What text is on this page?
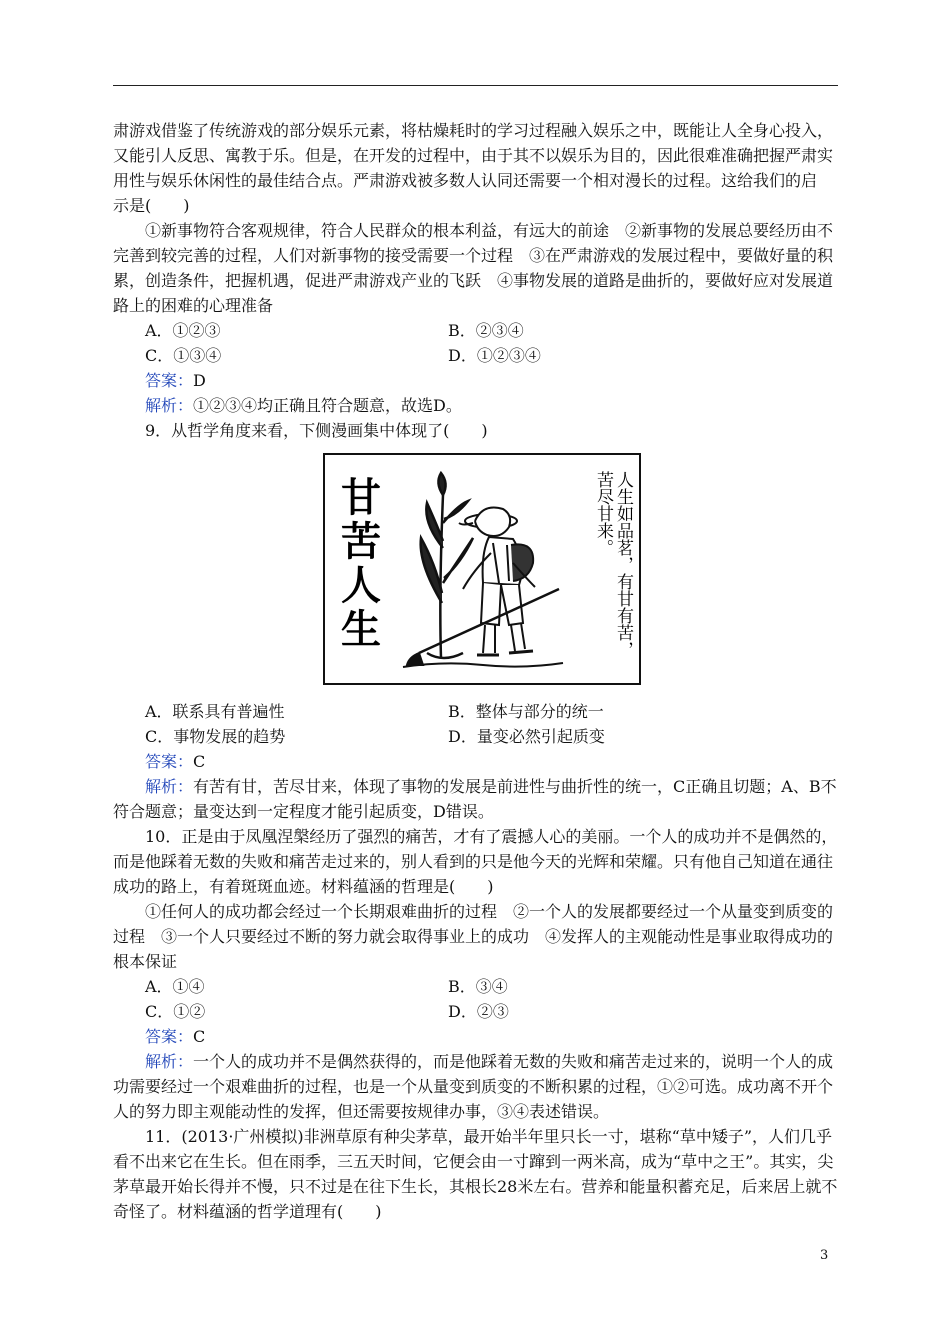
肃游戏借鉴了传统游戏的部分娱乐元素，将枯燥耗时的学习过程融入娱乐之中，既能让人全身心投入，

又能引人反思、寓教于乐。但是，在开发的过程中，由于其不以娱乐为目的，因此很难准确把握严肃实

用性与娱乐休闲性的最佳结合点。严肃游戏被多数人认同还需要一个相对漫长的过程。这给我们的启

示是(　　)

①新事物符合客观规律，符合人民群众的根本利益，有远大的前途　②新事物的发展总要经历由不完善到较完善的过程，人们对新事物的接受需要一个过程　③在严肃游戏的发展过程中，要做好量的积累，创造条件，把握机遇，促进严肃游戏产业的飞跃　④事物发展的道路是曲折的，要做好应对发展道路上的困难的心理准备

A．①②③	B．②③④
C．①③④	D．①②③④

答案：D

解析：①②③④均正确且符合题意，故选D。

9．从哲学角度来看，下侧漫画集中体现了(　　)

甘
苦
人
生	人生如品茗，有甘有苦，
苦尽甘来。
A．联系具有普遍性	B．整体与部分的统一
C．事物发展的趋势	D．量变必然引起质变

答案：C

解析：有苦有甘，苦尽甘来，体现了事物的发展是前进性与曲折性的统一，C正确且切题；A、B不符合题意；量变达到一定程度才能引起质变，D错误。

10．正是由于凤凰涅槃经历了强烈的痛苦，才有了震撼人心的美丽。一个人的成功并不是偶然的，而是他踩着无数的失败和痛苦走过来的，别人看到的只是他今天的光辉和荣耀。只有他自己知道在通往成功的路上，有着斑斑血迹。材料蕴涵的哲理是(　　)

①任何人的成功都会经过一个长期艰难曲折的过程　②一个人的发展都要经过一个从量变到质变的过程　③一个人只要经过不断的努力就会取得事业上的成功　④发挥人的主观能动性是事业取得成功的根本保证

A．①④	B．③④
C．①②	D．②③

答案：C

解析：一个人的成功并不是偶然获得的，而是他踩着无数的失败和痛苦走过来的，说明一个人的成功需要经过一个艰难曲折的过程，也是一个从量变到质变的不断积累的过程，①②可选。成功离不开个人的努力即主观能动性的发挥，但还需要按规律办事，③④表述错误。

11．(2013·广州模拟)非洲草原有种尖茅草，最开始半年里只长一寸，堪称“草中矮子”，人们几乎看不出来它在生长。但在雨季，三五天时间，它便会由一寸蹿到一两米高，成为“草中之王”。其实，尖茅草最开始长得并不慢，只不过是在往下生长，其根长28米左右。营养和能量积蓄充足，后来居上就不奇怪了。材料蕴涵的哲学道理有(　　)

3
